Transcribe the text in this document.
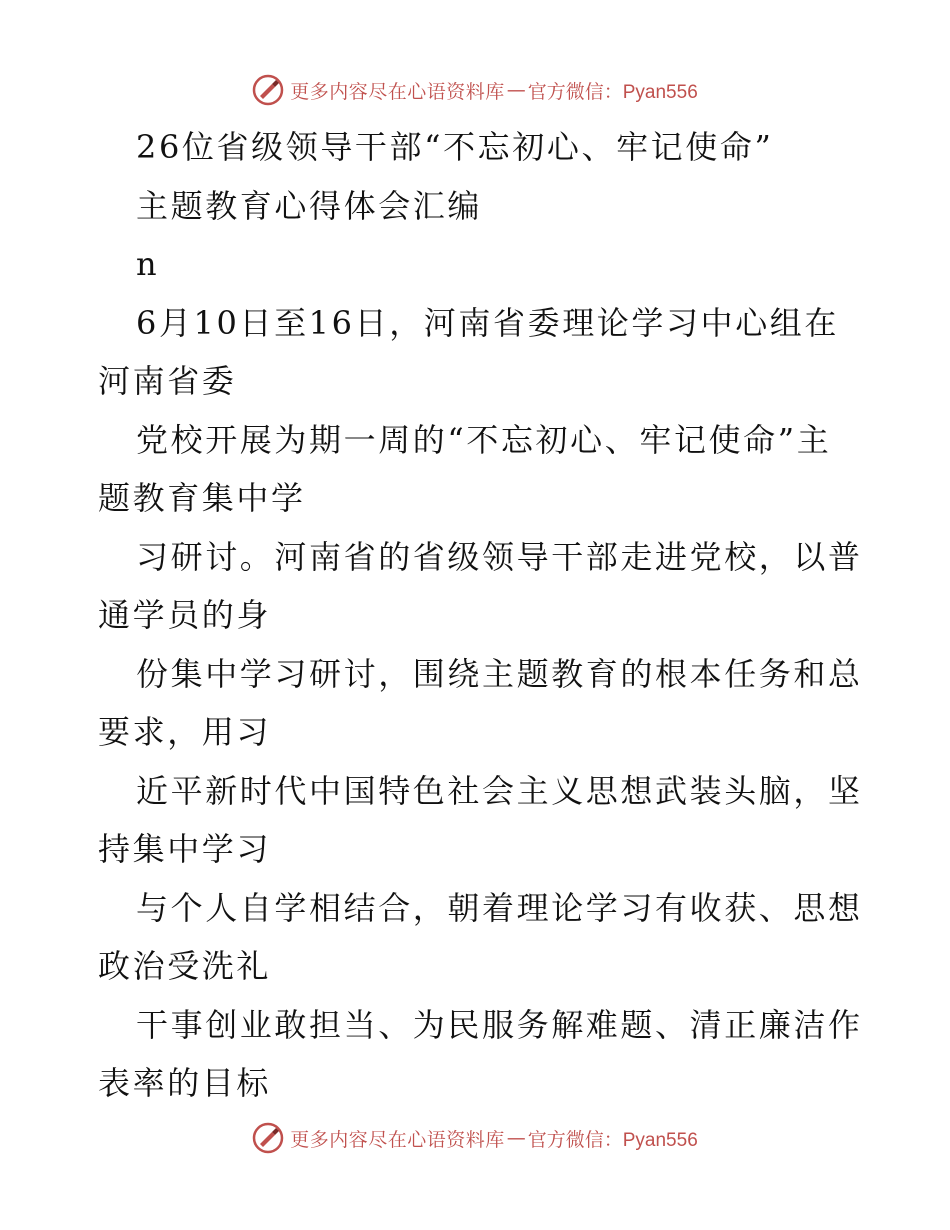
更多内容尽在心语资料库 — 官方微信：Pyan556
26位省级领导干部“不忘初心、牢记使命”
主题教育心得体会汇编
n
6月10日至16日，河南省委理论学习中心组在
河南省委
党校开展为期一周的“不忘初心、牢记使命”主
题教育集中学
习研讨。河南省的省级领导干部走进党校，以普
通学员的身
份集中学习研讨，围绕主题教育的根本任务和总
要求，用习
近平新时代中国特色社会主义思想武装头脑，坚
持集中学习
与个人自学相结合，朝着理论学习有收获、思想
政治受洗礼
干事创业敢担当、为民服务解难题、清正廉洁作
表率的目标
更多内容尽在心语资料库 — 官方微信：Pyan556
